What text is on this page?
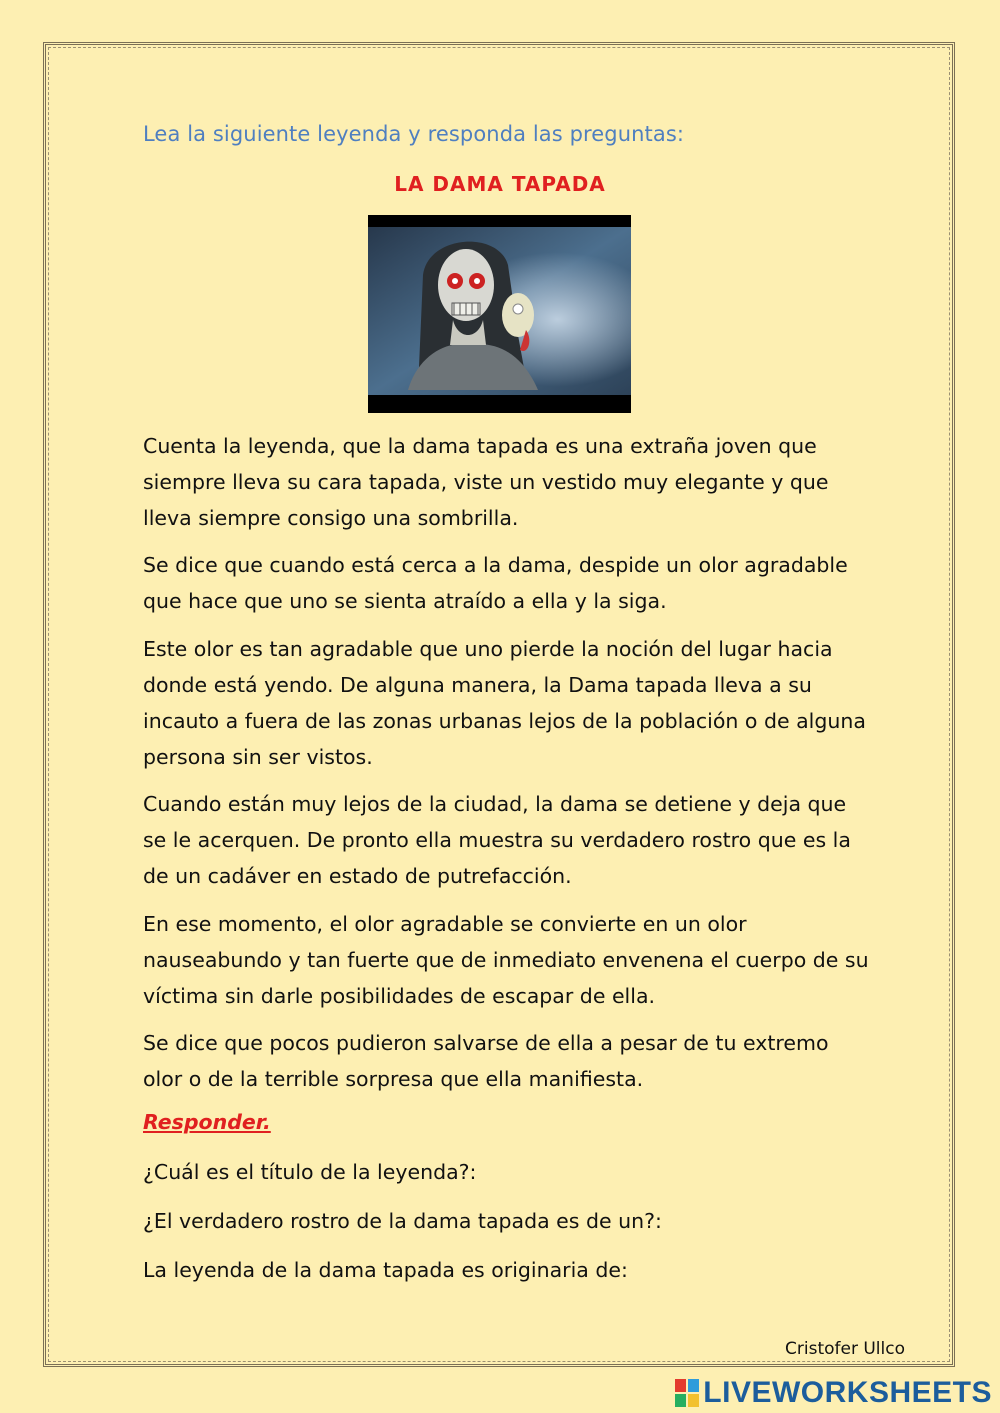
Lea la siguiente leyenda y responda las preguntas:
LA DAMA TAPADA

Cuenta la leyenda, que la dama tapada es una extraña joven que siempre lleva su cara tapada, viste un vestido muy elegante y que lleva siempre consigo una sombrilla.

Se dice que cuando está cerca a la dama, despide un olor agradable que hace que uno se sienta atraído a ella y la siga.

Este olor es tan agradable que uno pierde la noción del lugar hacia donde está yendo. De alguna manera, la Dama tapada lleva a su incauto a fuera de las zonas urbanas lejos de la población o de alguna persona sin ser vistos.

Cuando están muy lejos de la ciudad, la dama se detiene y deja que se le acerquen. De pronto ella muestra su verdadero rostro que es la de un cadáver en estado de putrefacción.

En ese momento, el olor agradable se convierte en un olor nauseabundo y tan fuerte que de inmediato envenena el cuerpo de su víctima sin darle posibilidades de escapar de ella.

Se dice que pocos pudieron salvarse de ella a pesar de tu extremo olor o de la terrible sorpresa que ella manifiesta.

Responder.
¿Cuál es el título de la leyenda?:
¿El verdadero rostro de la dama tapada es de un?:
La leyenda de la dama tapada es originaria de:
Cristofer Ullco
LIVEWORKSHEETS
